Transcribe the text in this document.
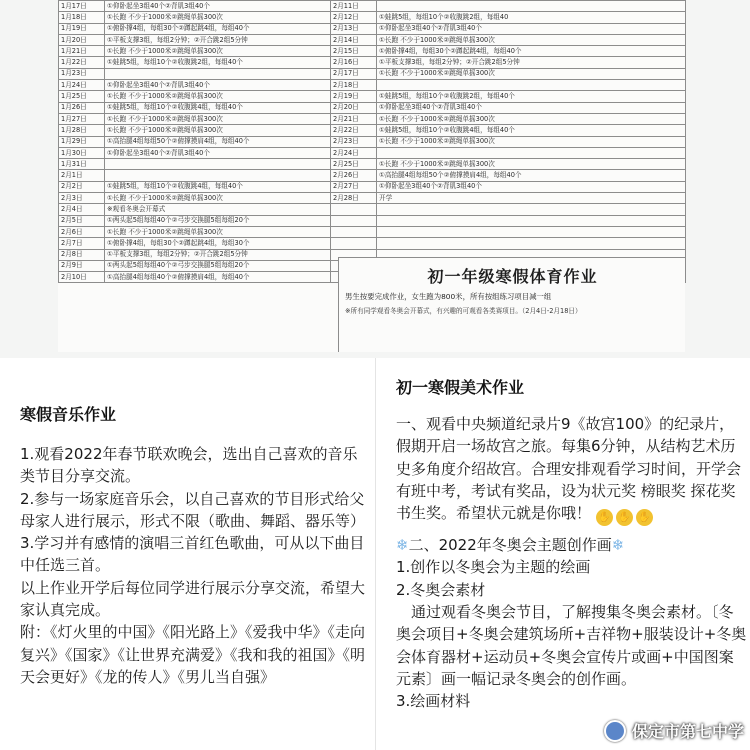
1月17日	①仰卧起坐3组40个②背肌3组40个	2月11日	
1月18日	①长跑 不少于1000米②跳绳单摇300次	2月12日	①蛙跳5组，每组10个②收腹跳2组，每组40
1月19日	①俯卧撑4组，每组30个②蹲起跳4组，每组40个	2月13日	①仰卧起坐3组40个②背肌3组40个
1月20日	①平板支撑3组，每组2分钟；②开合跳2组5分钟	2月14日	①长跑 不少于1000米②跳绳单摇300次
1月21日	①长跑 不少于1000米②跳绳单摇300次	2月15日	①俯卧撑4组，每组30个②蹲起跳4组，每组40个
1月22日	①蛙跳5组，每组10个②收腹跳2组，每组40个	2月16日	①平板支撑3组，每组2分钟；②开合跳2组5分钟
1月23日		2月17日	①长跑 不少于1000米②跳绳单摇300次
1月24日	①仰卧起坐3组40个②背肌3组40个	2月18日	
1月25日	①长跑 不少于1000米②跳绳单摇300次	2月19日	①蛙跳5组，每组10个②收腹跳2组，每组40个
1月26日	①蛙跳5组，每组10个②收腹跳4组，每组40个	2月20日	①仰卧起坐3组40个②背肌3组40个
1月27日	①长跑 不少于1000米②跳绳单摇300次	2月21日	①长跑 不少于1000米②跳绳单摇300次
1月28日	①长跑 不少于1000米②跳绳单摇300次	2月22日	①蛙跳5组，每组10个②收腹跳4组，每组40个
1月29日	①高抬腿4组每组50个②俯撑摸肩4组，每组40个	2月23日	①长跑 不少于1000米②跳绳单摇300次
1月30日	①仰卧起坐3组40个②背肌3组40个	2月24日	
1月31日		2月25日	①长跑 不少于1000米②跳绳单摇300次
2月1日		2月26日	①高抬腿4组每组50个②俯撑摸肩4组，每组40个
2月2日	①蛙跳5组，每组10个②收腹跳4组，每组40个	2月27日	①仰卧起坐3组40个②背肌3组40个
2月3日	①长跑 不少于1000米②跳绳单摇300次	2月28日	开学
2月4日	※观看冬奥会开幕式		
2月5日	①两头起5组每组40个②弓步交换腿5组每组20个		
2月6日	①长跑 不少于1000米②跳绳单摇300次		
2月7日	①俯卧撑4组，每组30个②蹲起跳4组，每组30个		
2月8日	①平板支撑3组，每组2分钟；②开合跳2组5分钟		
2月9日	①两头起5组每组40个②弓步交换腿5组每组20个		
2月10日	①高抬腿4组每组40个②俯撑摸肩4组，每组40个			初一年级寒假体育作业
男生按要完成作业，女生跑为800米，所有按组练习项目减一组
※所有同学观看冬奥会开幕式，有兴趣的可观看各类赛项目。（2月4日-2月18日）
寒假音乐作业

1.观看2022年春节联欢晚会，选出自己喜欢的音乐类节目分享交流。

2.参与一场家庭音乐会，以自己喜欢的节目形式给父母家人进行展示，形式不限（歌曲、舞蹈、器乐等）

3.学习并有感情的演唱三首红色歌曲，可从以下曲目中任选三首。

以上作业开学后每位同学进行展示分享交流，希望大家认真完成。

附：《灯火里的中国》《阳光路上》《爱我中华》《走向复兴》《国家》《让世界充满爱》《我和我的祖国》《明天会更好》《龙的传人》《男儿当自强》

初一寒假美术作业

一、观看中央频道纪录片9《故宫100》的纪录片，假期开启一场故宫之旅。每集6分钟，从结构艺术历史多角度介绍故宫。合理安排观看学习时间，开学会有班中考，考试有奖品，设为状元奖 榜眼奖 探花奖 书生奖。希望状元就是你哦！ ✋ ✋ ✋

❄二、2022年冬奥会主题创作画❄

1.创作以冬奥会为主题的绘画

2.冬奥会素材

通过观看冬奥会节目，了解搜集冬奥会素材。〔冬奥会项目+冬奥会建筑场所+吉祥物+服装设计+冬奥会体育器材+运动员+冬奥会宣传片或画+中国图案元素〕画一幅记录冬奥会的创作画。

3.绘画材料

保定市第七中学
